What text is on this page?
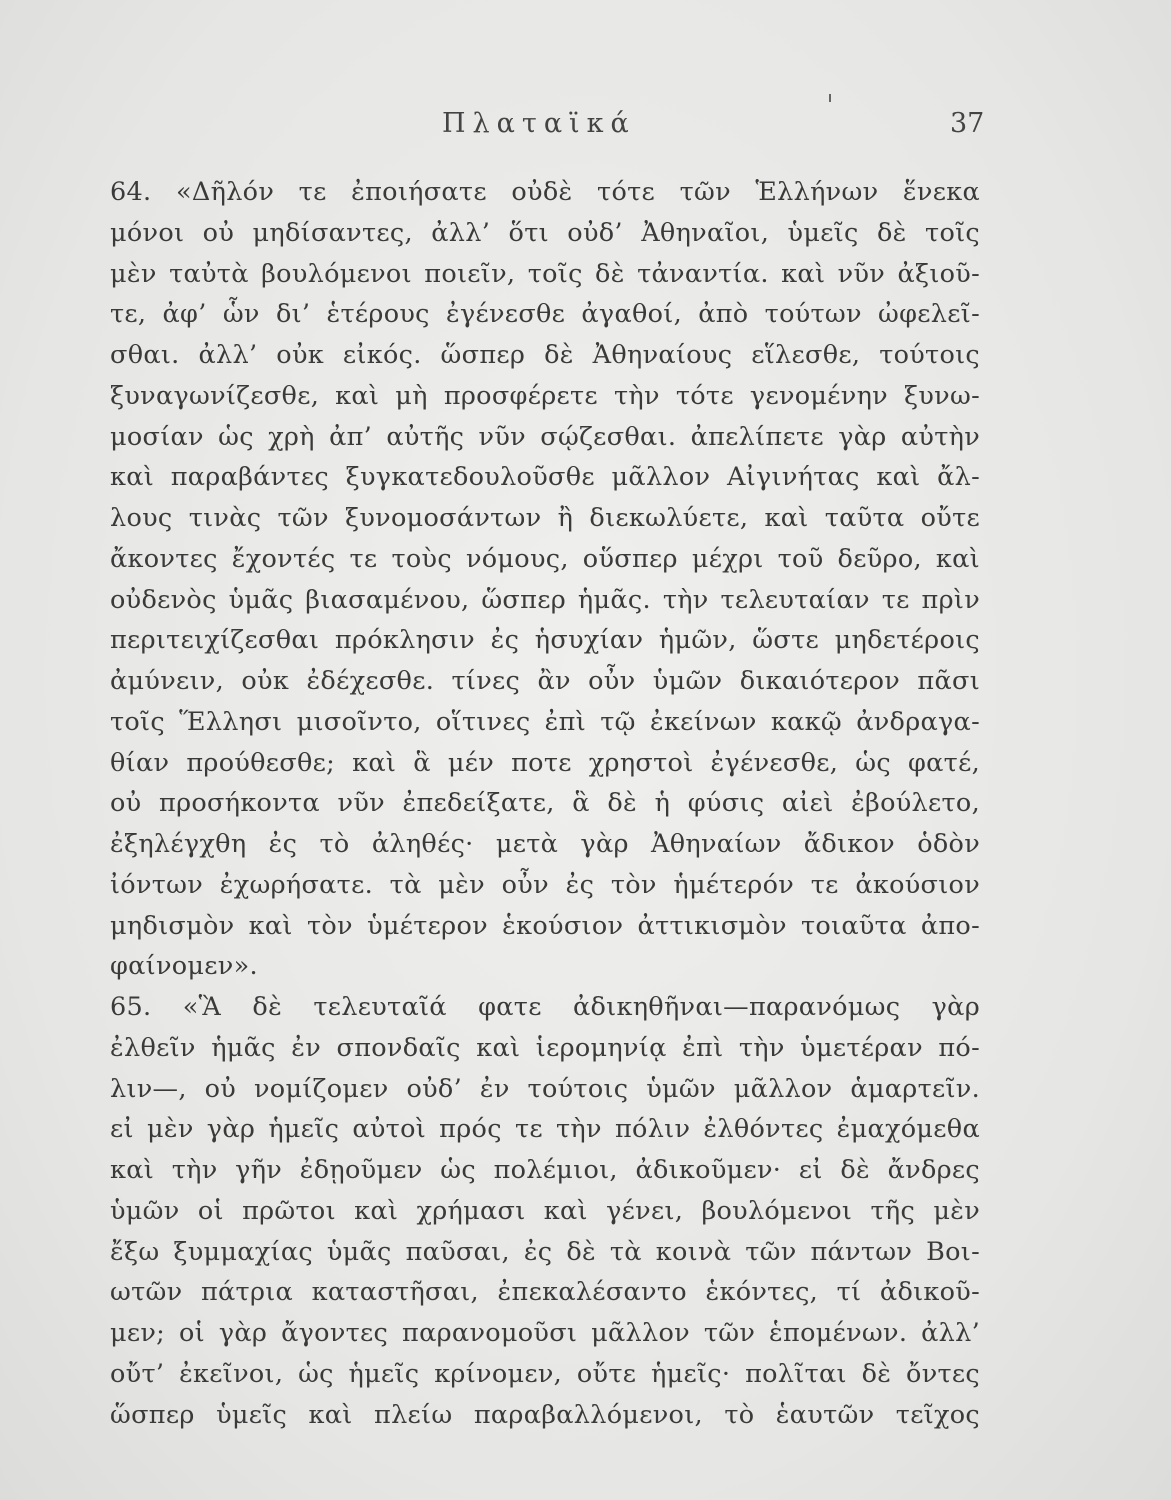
Πλαταϊκά	37
64. «Δῆλόν τε ἐποιήσατε οὐδὲ τότε τῶν Ἑλλήνων ἕνεκα
μόνοι οὐ μηδίσαντες, ἀλλ’ ὅτι οὐδ’ Ἀθηναῖοι, ὑμεῖς δὲ τοῖς
μὲν ταὐτὰ βουλόμενοι ποιεῖν, τοῖς δὲ τἀναντία. καὶ νῦν ἀξιοῦ-
τε, ἀφ’ ὧν δι’ ἑτέρους ἐγένεσθε ἀγαθοί, ἀπὸ τούτων ὠφελεῖ-
σθαι. ἀλλ’ οὐκ εἰκός. ὥσπερ δὲ Ἀθηναίους εἵλεσθε, τούτοις
ξυναγωνίζεσθε, καὶ μὴ προσφέρετε τὴν τότε γενομένην ξυνω-
μοσίαν ὡς χρὴ ἀπ’ αὐτῆς νῦν σῴζεσθαι. ἀπελίπετε γὰρ αὐτὴν
καὶ παραβάντες ξυγκατεδουλοῦσθε μᾶλλον Αἰγινήτας καὶ ἄλ-
λους τινὰς τῶν ξυνομοσάντων ἢ διεκωλύετε, καὶ ταῦτα οὔτε
ἄκοντες ἔχοντές τε τοὺς νόμους, οὕσπερ μέχρι τοῦ δεῦρο, καὶ
οὐδενὸς ὑμᾶς βιασαμένου, ὥσπερ ἡμᾶς. τὴν τελευταίαν τε πρὶν
περιτειχίζεσθαι πρόκλησιν ἐς ἡσυχίαν ἡμῶν, ὥστε μηδετέροις
ἀμύνειν, οὐκ ἐδέχεσθε. τίνες ἂν οὖν ὑμῶν δικαιότερον πᾶσι
τοῖς Ἕλλησι μισοῖντο, οἵτινες ἐπὶ τῷ ἐκείνων κακῷ ἀνδραγα-
θίαν προύθεσθε; καὶ ἃ μέν ποτε χρηστοὶ ἐγένεσθε, ὡς φατέ,
οὐ προσήκοντα νῦν ἐπεδείξατε, ἃ δὲ ἡ φύσις αἰεὶ ἐβούλετο,
ἐξηλέγχθη ἐς τὸ ἀληθές· μετὰ γὰρ Ἀθηναίων ἄδικον ὁδὸν
ἰόντων ἐχωρήσατε. τὰ μὲν οὖν ἐς τὸν ἡμέτερόν τε ἀκούσιον
μηδισμὸν καὶ τὸν ὑμέτερον ἑκούσιον ἀττικισμὸν τοιαῦτα ἀπο-
φαίνομεν».
65. «Ἃ δὲ τελευταῖά φατε ἀδικηθῆναι—παρανόμως γὰρ
ἐλθεῖν ἡμᾶς ἐν σπονδαῖς καὶ ἱερομηνίᾳ ἐπὶ τὴν ὑμετέραν πό-
λιν—, οὐ νομίζομεν οὐδ’ ἐν τούτοις ὑμῶν μᾶλλον ἁμαρτεῖν.
εἰ μὲν γὰρ ἡμεῖς αὐτοὶ πρός τε τὴν πόλιν ἐλθόντες ἐμαχόμεθα
καὶ τὴν γῆν ἐδῃοῦμεν ὡς πολέμιοι, ἀδικοῦμεν· εἰ δὲ ἄνδρες
ὑμῶν οἱ πρῶτοι καὶ χρήμασι καὶ γένει, βουλόμενοι τῆς μὲν
ἔξω ξυμμαχίας ὑμᾶς παῦσαι, ἐς δὲ τὰ κοινὰ τῶν πάντων Βοι-
ωτῶν πάτρια καταστῆσαι, ἐπεκαλέσαντο ἑκόντες, τί ἀδικοῦ-
μεν; οἱ γὰρ ἄγοντες παρανομοῦσι μᾶλλον τῶν ἑπομένων. ἀλλ’
οὔτ’ ἐκεῖνοι, ὡς ἡμεῖς κρίνομεν, οὔτε ἡμεῖς· πολῖται δὲ ὄντες
ὥσπερ ὑμεῖς καὶ πλείω παραβαλλόμενοι, τὸ ἑαυτῶν τεῖχος
